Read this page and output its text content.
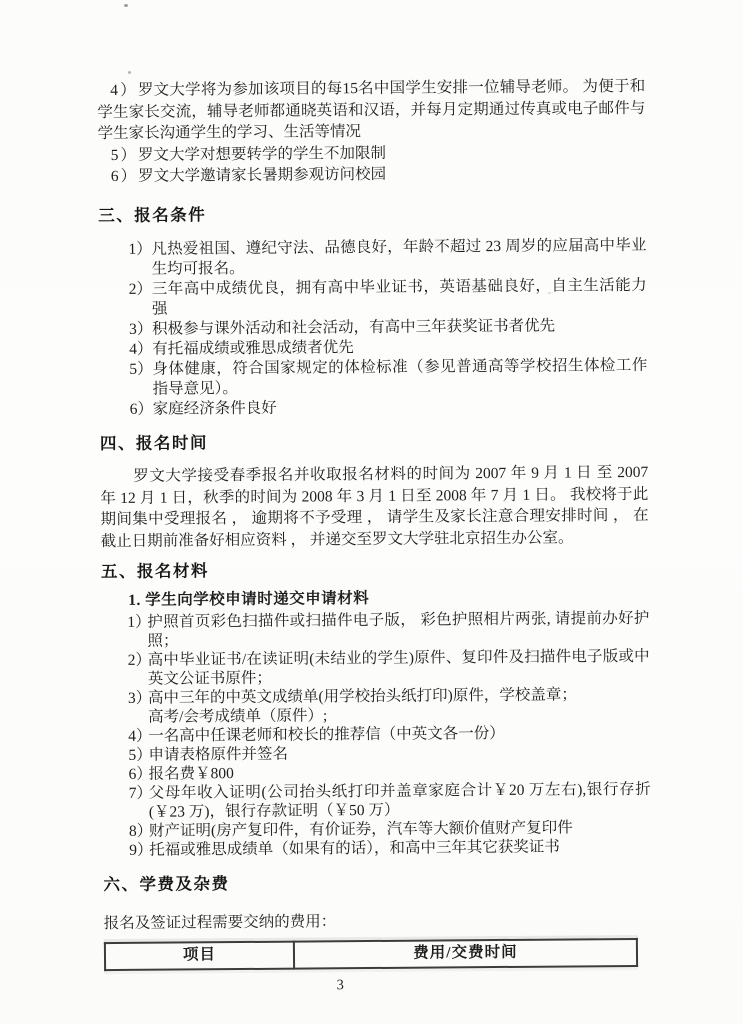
4）罗文大学将为参加该项目的每15名中国学生安排一位辅导老师。 为便于和学生家长交流，辅导老师都通晓英语和汉语，并每月定期通过传真或电子邮件与学生家长沟通学生的学习、生活等情况

5）罗文大学对想要转学的学生不加限制

6）罗文大学邀请家长暑期参观访问校园

三、报名条件

1） 凡热爱祖国、遵纪守法、品德良好，年龄不超过 23 周岁的应届高中毕业生均可报名。

2） 三年高中成绩优良，拥有高中毕业证书，英语基础良好，自主生活能力强

3） 积极参与课外活动和社会活动，有高中三年获奖证书者优先

4） 有托福成绩或雅思成绩者优先

5） 身体健康，符合国家规定的体检标准（参见普通高等学校招生体检工作指导意见）。

6） 家庭经济条件良好

四、报名时间

罗文大学接受春季报名并收取报名材料的时间为 2007 年 9 月 1 日 至 2007 年 12 月 1 日，秋季的时间为 2008 年 3 月 1 日至 2008 年 7 月 1 日。 我校将于此期间集中受理报名 ， 逾期将不予受理 ， 请学生及家长注意合理安排时间 ， 在截止日期前准备好相应资料 ， 并递交至罗文大学驻北京招生办公室。

五、报名材料

1. 学生向学校申请时递交申请材料

1）
护照首页彩色扫描件或扫描件电子版， 彩色护照相片两张, 请提前办好护照；

2）
高中毕业证书/在读证明(未结业的学生)原件、复印件及扫描件电子版或中英文公证书原件；

3）
高中三年的中英文成绩单(用学校抬头纸打印)原件，学校盖章；
高考/会考成绩单（原件）;

4）
一名高中任课老师和校长的推荐信（中英文各一份）

5）
申请表格原件并签名

6）
报名费￥800

7）
父母年收入证明(公司抬头纸打印并盖章家庭合计￥20 万左右),银行存折(￥23 万)，银行存款证明（￥50 万）

8）
财产证明(房产复印件，有价证券，汽车等大额价值财产复印件

9）
托福或雅思成绩单（如果有的话），和高中三年其它获奖证书

六、学费及杂费

报名及签证过程需要交纳的费用：

项目	费用/交费时间
3
